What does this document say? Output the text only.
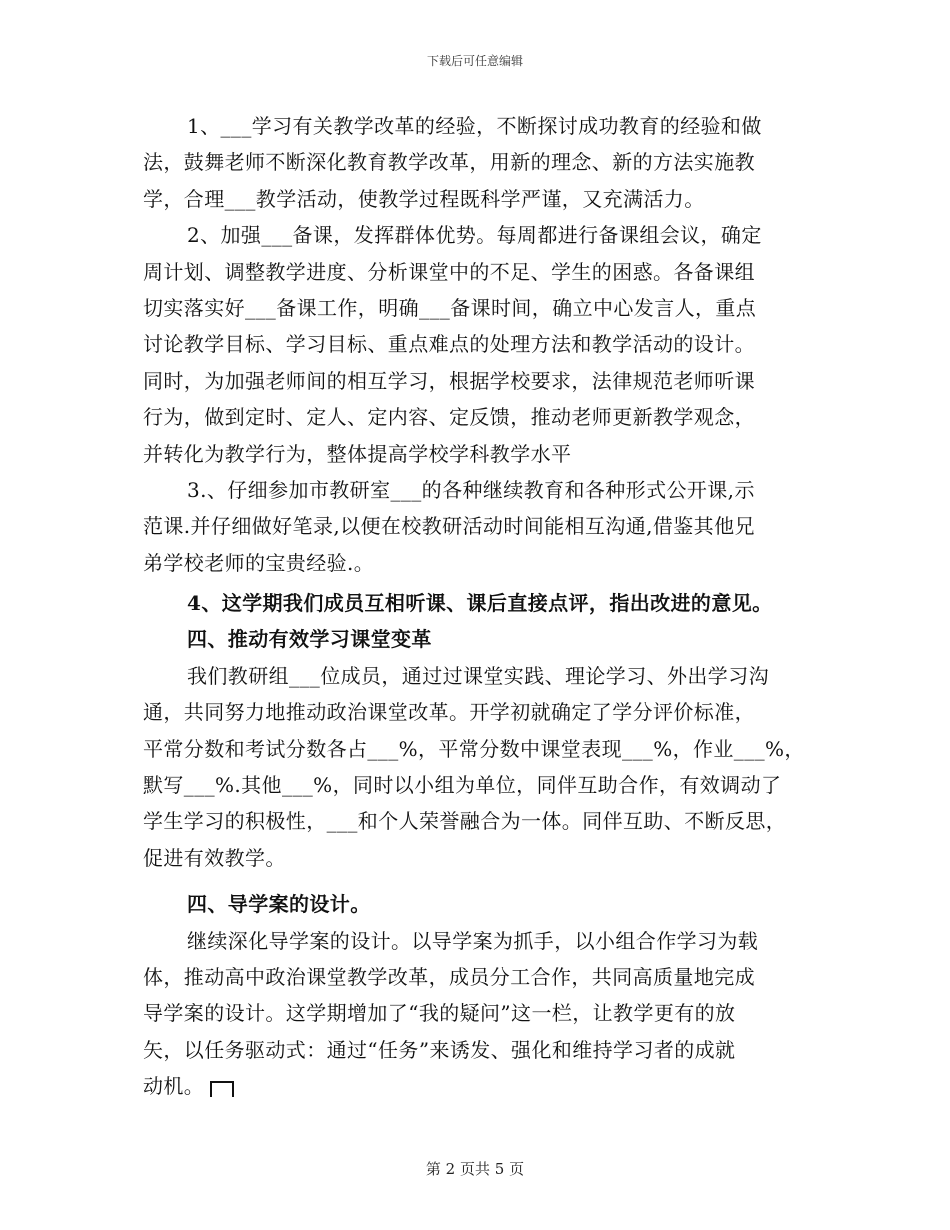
下载后可任意编辑
1、___学习有关教学改革的经验，不断探讨成功教育的经验和做
法，鼓舞老师不断深化教育教学改革，用新的理念、新的方法实施教
学，合理___教学活动，使教学过程既科学严谨，又充满活力。
2、加强___备课，发挥群体优势。每周都进行备课组会议，确定
周计划、调整教学进度、分析课堂中的不足、学生的困惑。各备课组
切实落实好___备课工作，明确___备课时间，确立中心发言人，重点
讨论教学目标、学习目标、重点难点的处理方法和教学活动的设计。
同时，为加强老师间的相互学习，根据学校要求，法律规范老师听课
行为，做到定时、定人、定内容、定反馈，推动老师更新教学观念，
并转化为教学行为，整体提高学校学科教学水平
3.、仔细参加市教研室___的各种继续教育和各种形式公开课,示
范课.并仔细做好笔录,以便在校教研活动时间能相互沟通,借鉴其他兄
弟学校老师的宝贵经验.。
4、这学期我们成员互相听课、课后直接点评，指出改进的意见。
四、推动有效学习课堂变革
我们教研组___位成员，通过过课堂实践、理论学习、外出学习沟
通，共同努力地推动政治课堂改革。开学初就确定了学分评价标准，
平常分数和考试分数各占___%，平常分数中课堂表现___%，作业___%，
默写___%.其他___%，同时以小组为单位，同伴互助合作，有效调动了
学生学习的积极性，___和个人荣誉融合为一体。同伴互助、不断反思，
促进有效教学。
四、导学案的设计。
继续深化导学案的设计。以导学案为抓手，以小组合作学习为载
体，推动高中政治课堂教学改革，成员分工合作，共同高质量地完成
导学案的设计。这学期增加了“我的疑问”这一栏，让教学更有的放
矢，以任务驱动式：通过“任务”来诱发、强化和维持学习者的成就
动机。
第 2 页共 5 页
